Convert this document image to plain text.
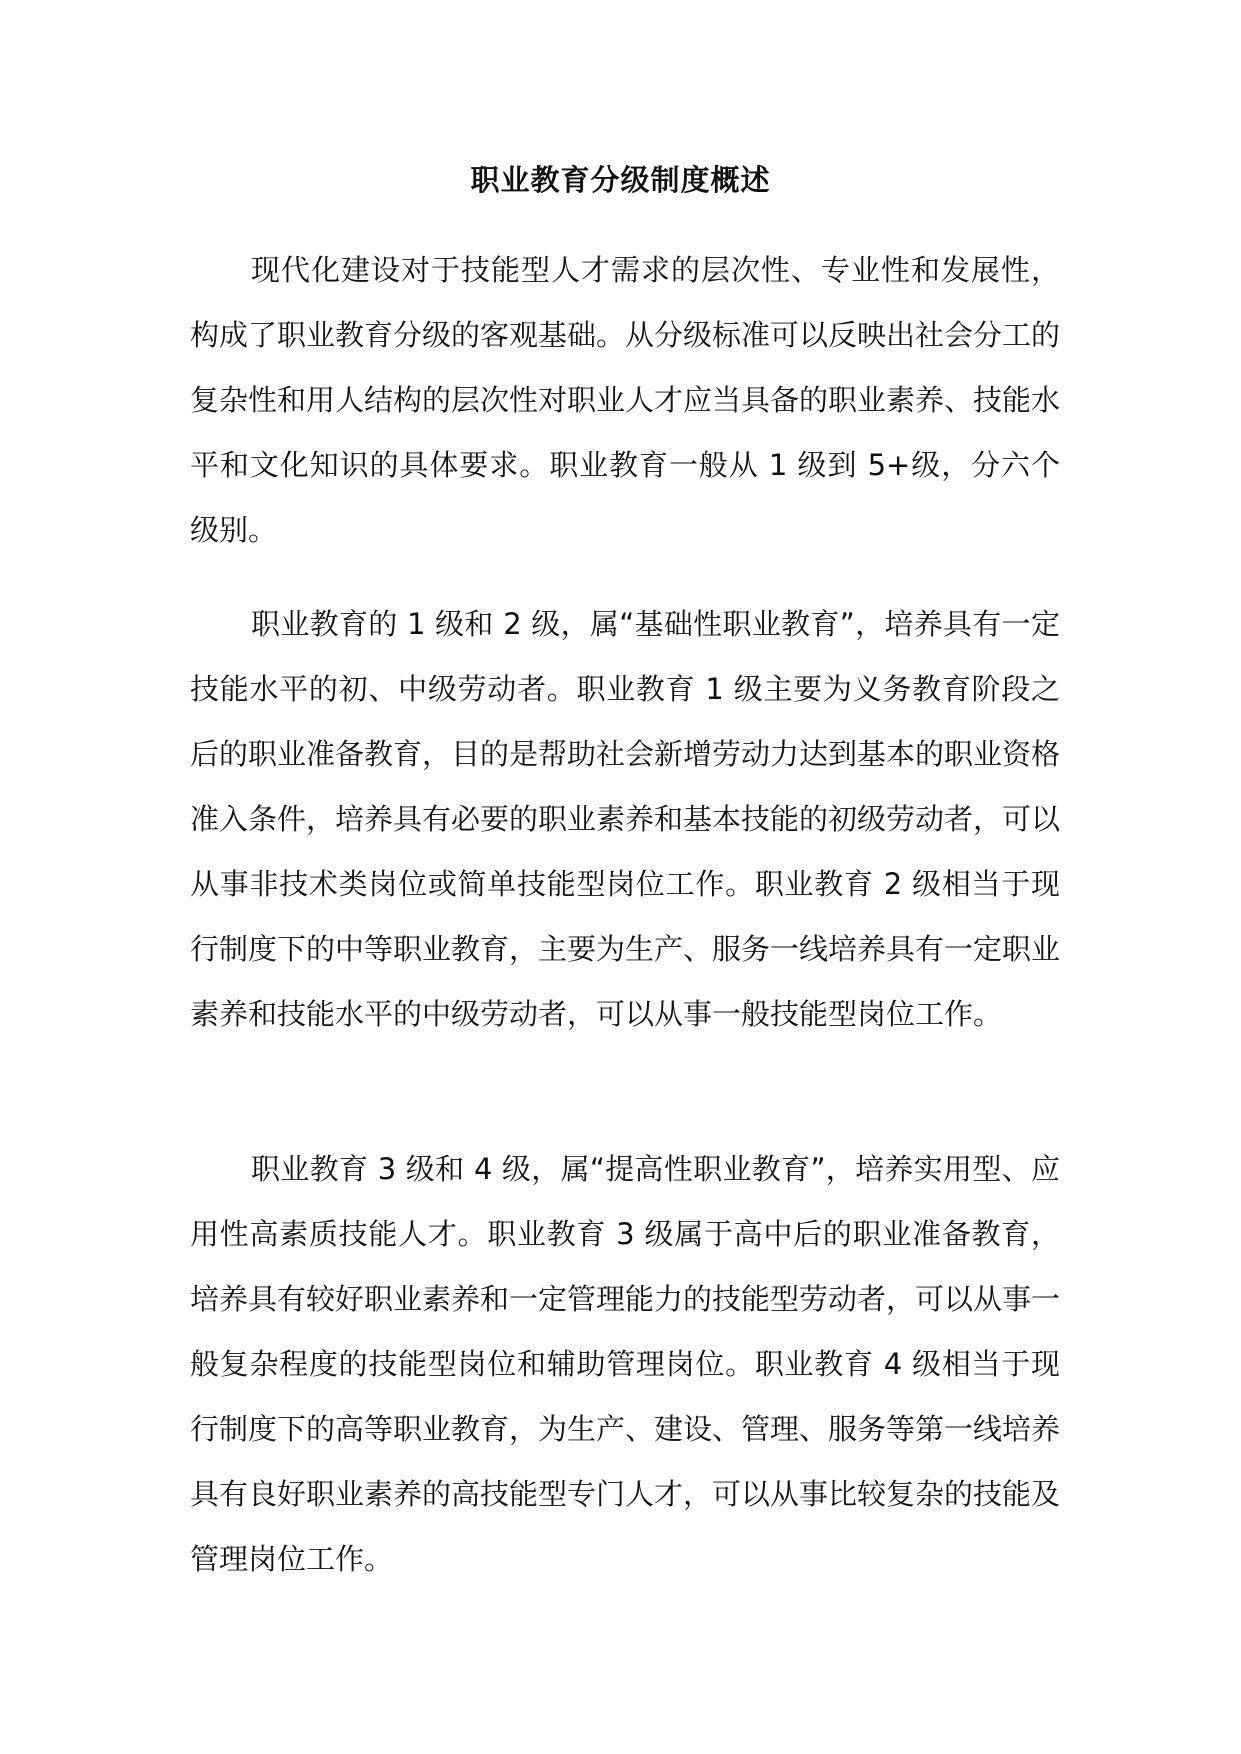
职业教育分级制度概述

现代化建设对于技能型人才需求的层次性、专业性和发展性，构成了职业教育分级的客观基础。从分级标准可以反映出社会分工的复杂性和用人结构的层次性对职业人才应当具备的职业素养、技能水平和文化知识的具体要求。职业教育一般从 1 级到 5+级，分六个级别。

职业教育的 1 级和 2 级，属“基础性职业教育”，培养具有一定技能水平的初、中级劳动者。职业教育 1 级主要为义务教育阶段之后的职业准备教育，目的是帮助社会新增劳动力达到基本的职业资格准入条件，培养具有必要的职业素养和基本技能的初级劳动者，可以从事非技术类岗位或简单技能型岗位工作。职业教育 2 级相当于现行制度下的中等职业教育，主要为生产、服务一线培养具有一定职业素养和技能水平的中级劳动者，可以从事一般技能型岗位工作。

职业教育 3 级和 4 级，属“提高性职业教育”，培养实用型、应用性高素质技能人才。职业教育 3 级属于高中后的职业准备教育，培养具有较好职业素养和一定管理能力的技能型劳动者，可以从事一般复杂程度的技能型岗位和辅助管理岗位。职业教育 4 级相当于现行制度下的高等职业教育，为生产、建设、管理、服务等第一线培养具有良好职业素养的高技能型专门人才，可以从事比较复杂的技能及管理岗位工作。
